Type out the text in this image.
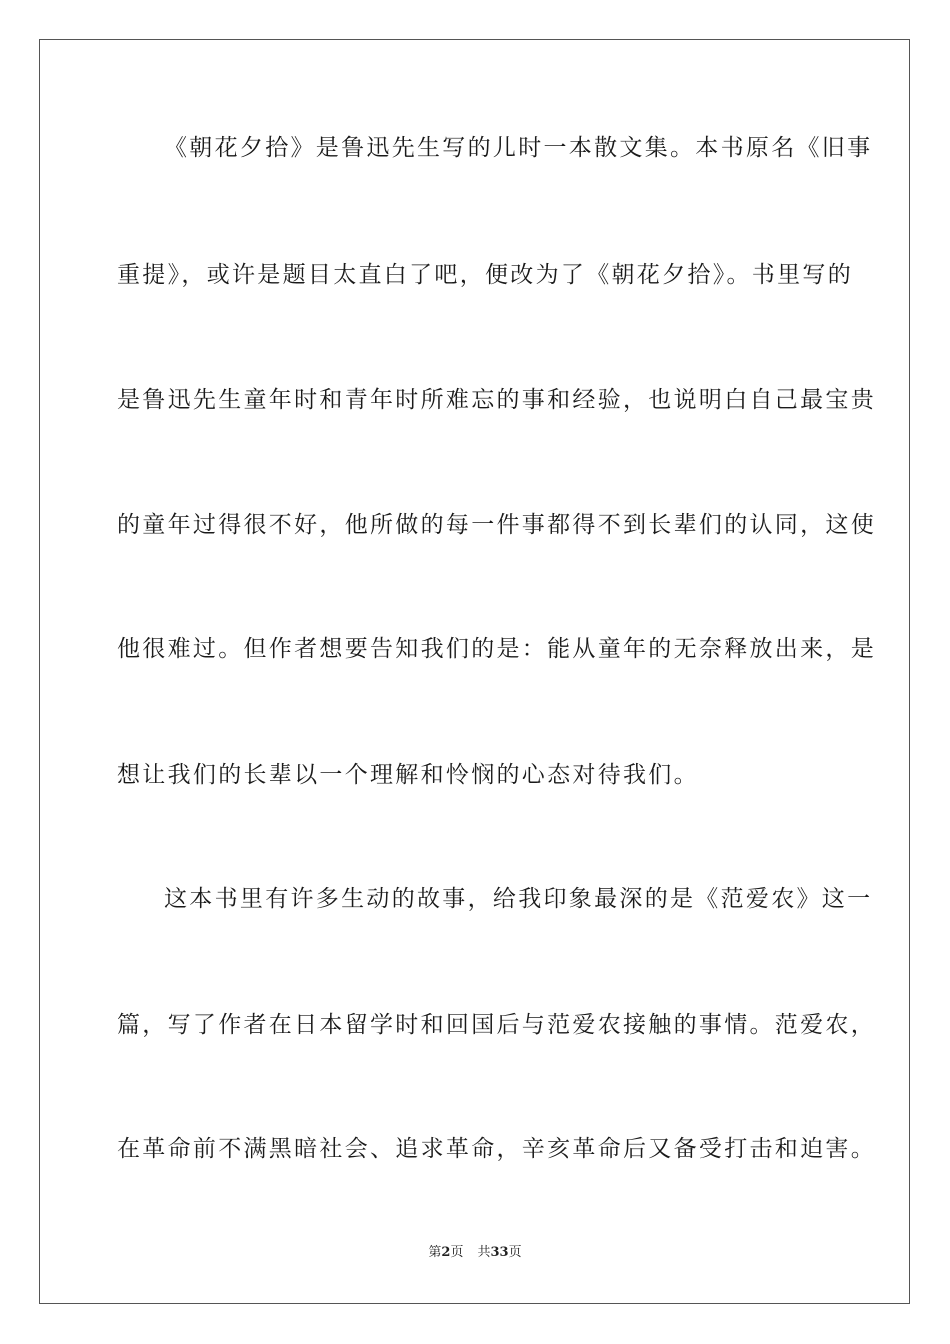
《朝花夕拾》是鲁迅先生写的儿时一本散文集。本书原名《旧事
重提》，或许是题目太直白了吧，便改为了《朝花夕拾》。书里写的
是鲁迅先生童年时和青年时所难忘的事和经验，也说明白自己最宝贵
的童年过得很不好，他所做的每一件事都得不到长辈们的认同，这使
他很难过。但作者想要告知我们的是：能从童年的无奈释放出来，是
想让我们的长辈以一个理解和怜悯的心态对待我们。
这本书里有许多生动的故事，给我印象最深的是《范爱农》这一
篇，写了作者在日本留学时和回国后与范爱农接触的事情。范爱农，
在革命前不满黑暗社会、追求革命，辛亥革命后又备受打击和迫害。
第2页 共33页
